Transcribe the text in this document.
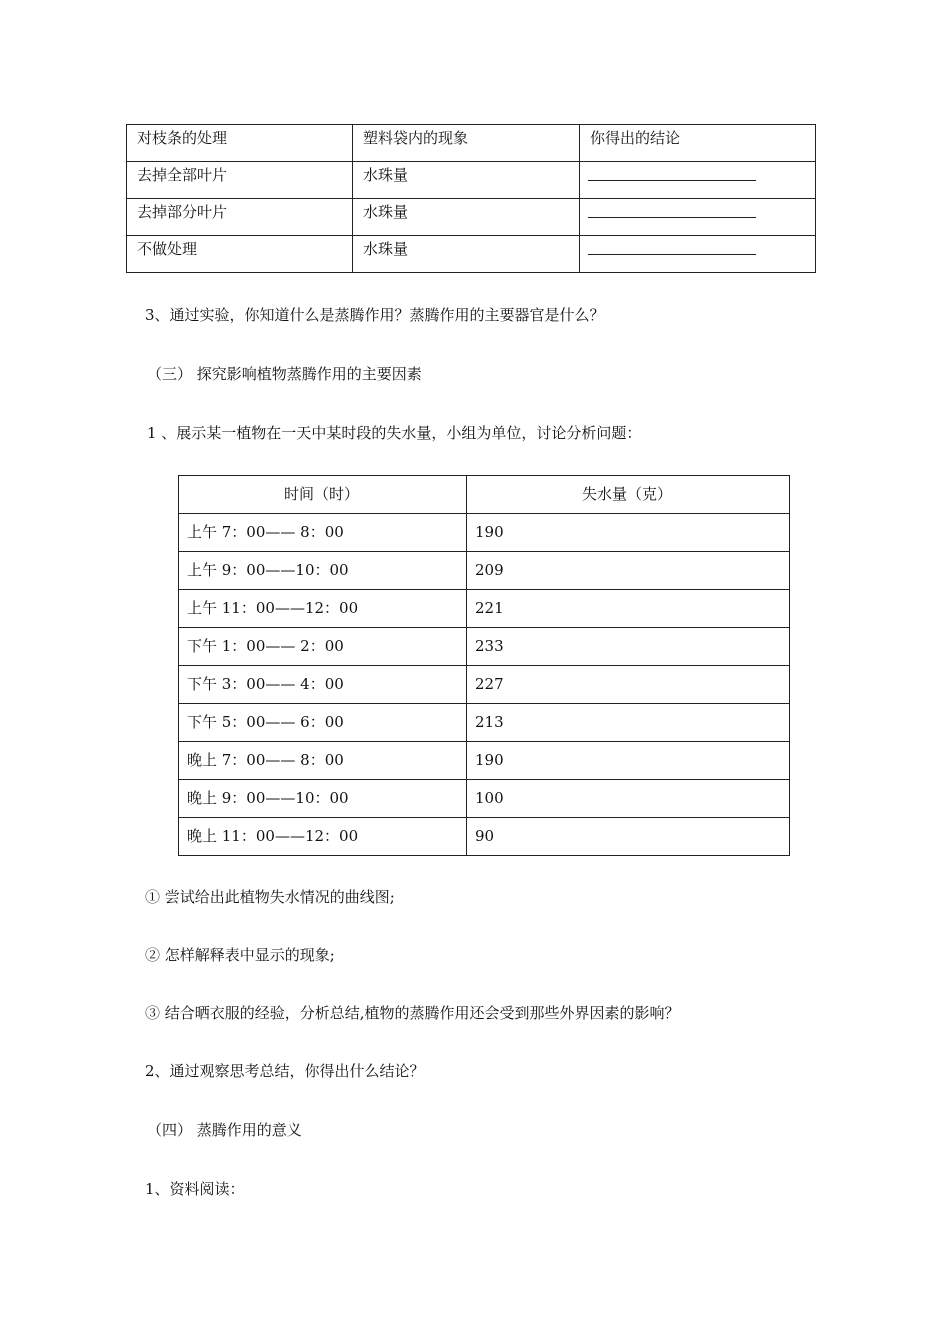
对枝条的处理	塑料袋内的现象	你得出的结论
去掉全部叶片	水珠量	
去掉部分叶片	水珠量	
不做处理	水珠量	
3、通过实验，你知道什么是蒸腾作用？蒸腾作用的主要器官是什么？
（三） 探究影响植物蒸腾作用的主要因素
1 、展示某一植物在一天中某时段的失水量，小组为单位，讨论分析问题：
时间（时）	失水量（克）
上午 7：00—— 8：00	190
上午 9：00——10：00	209
上午 11：00——12：00	221
下午 1：00—— 2：00	233
下午 3：00—— 4：00	227
下午 5：00—— 6：00	213
晚上 7：00—— 8：00	190
晚上 9：00——10：00	100
晚上 11：00——12：00	90
① 尝试给出此植物失水情况的曲线图;
② 怎样解释表中显示的现象;
③ 结合晒衣服的经验，分析总结,植物的蒸腾作用还会受到那些外界因素的影响？
2、通过观察思考总结，你得出什么结论？
（四） 蒸腾作用的意义
1、资料阅读：
